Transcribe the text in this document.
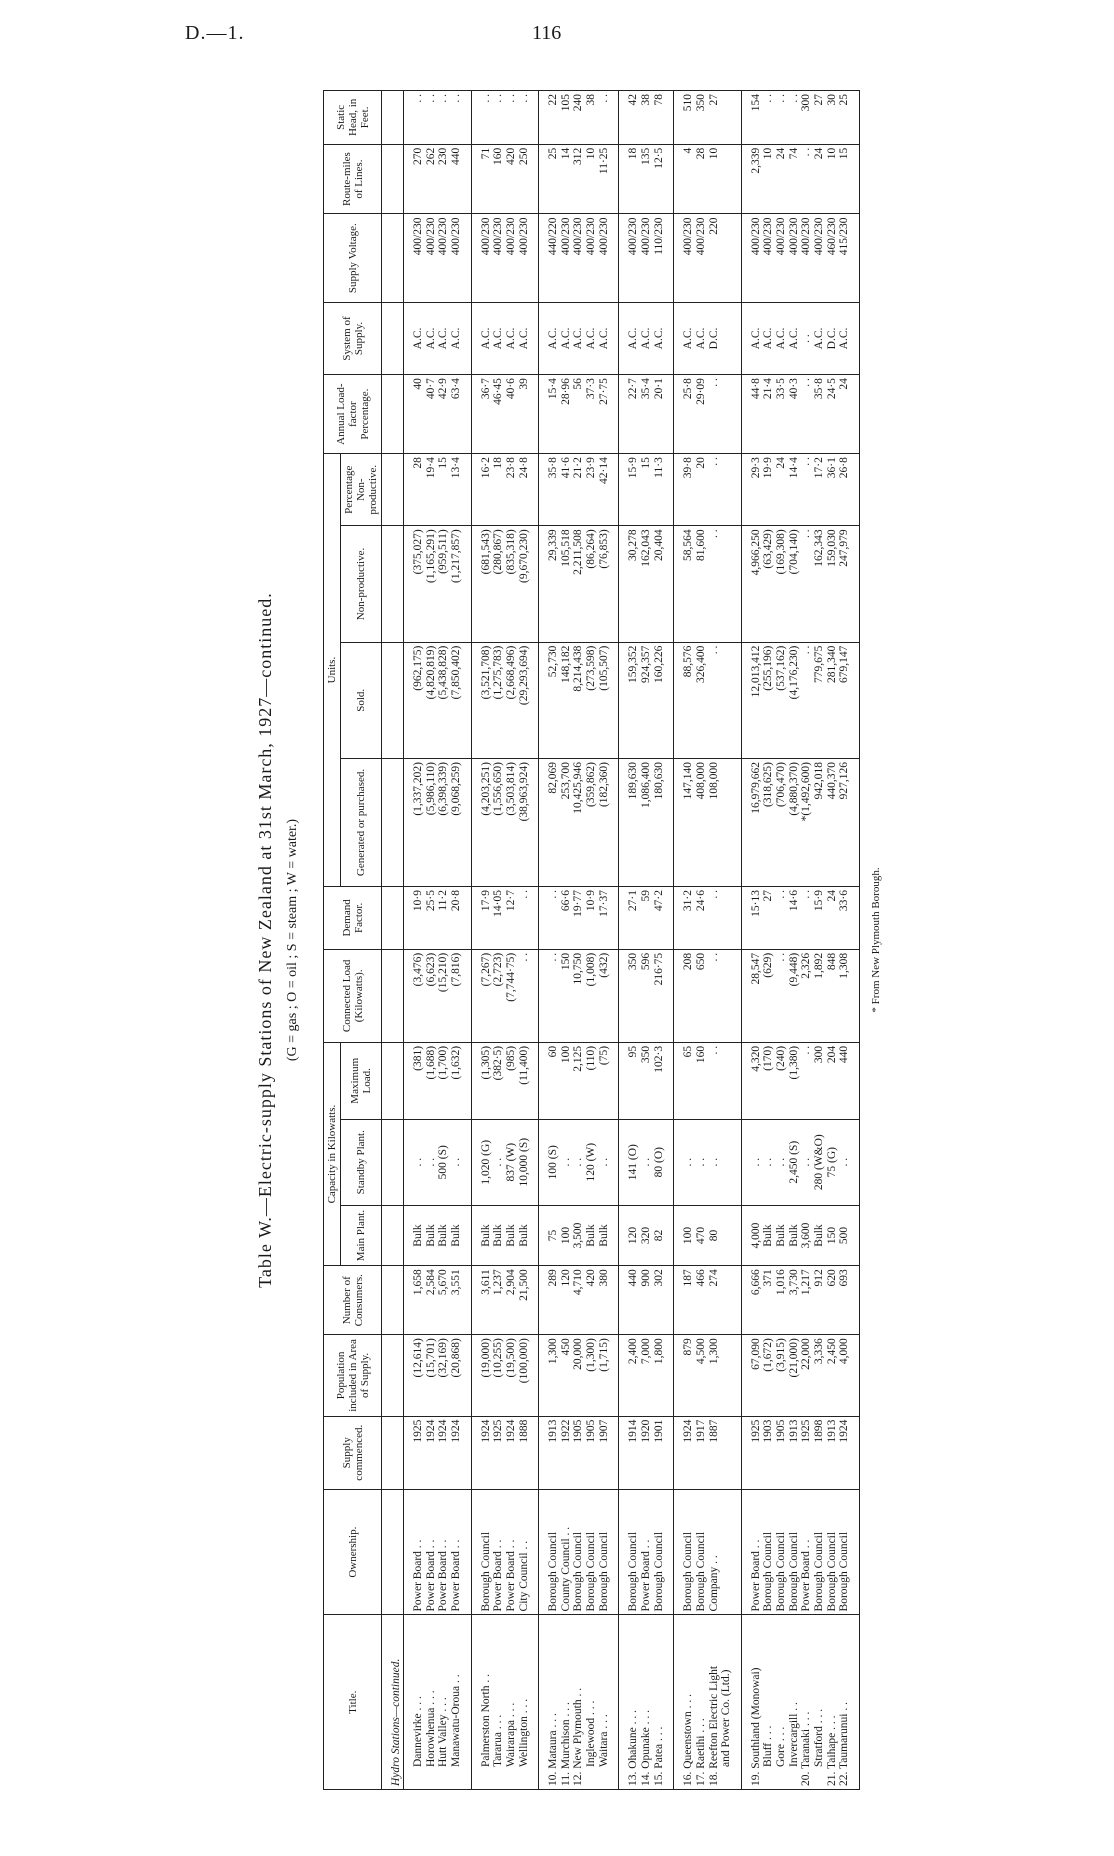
D.—1.	116
Table W.—Electric-supply Stations of New Zealand at 31st March, 1927—continued. (G = gas ; O = oil ; S = steam ; W = water.)
Title.	Ownership.	Supply commenced.	Population included in Area of Supply.	Number of Consumers.	Capacity in Kilowatts.			Connected Load (Kilowatts).	Demand Factor.	Units.				Annual Load-factor Percentage.	System of Supply.	Supply Voltage.	Route-miles of Lines.	Static Head, in Feet.
					Main Plant.	Standby Plant.	Maximum Load.			Generated or purchased.	Sold.	Non-productive.	Percentage Non-productive.					

Hydro Stations—continued.																		
Dannevirke . . .	Power Board . .	1925	(12,614)	1,658	Bulk	. .	(381)	(3,476)	10·9	(1,337,202)	(962,175)	(375,027)	28	40	A.C.	400/230	270	. .
Horowhenua . . .	Power Board . .	1924	(15,701)	2,584	Bulk	. .	(1,688)	(6,623)	25·5	(5,986,110)	(4,820,819)	(1,165,291)	19·4	40·7	A.C.	400/230	262	. .
Hutt Valley . . .	Power Board . .	1924	(32,169)	5,670	Bulk	500 (S)	(1,700)	(15,210)	11·2	(6,398,339)	(5,438,828)	(959,511)	15	42·9	A.C.	400/230	230	. .
Manawatu-Oroua . .	Power Board . .	1924	(20,868)	3,551	Bulk	. .	(1,632)	(7,816)	20·8	(9,068,259)	(7,850,402)	(1,217,857)	13·4	63·4	A.C.	400/230	440	. .
Palmerston North . .	Borough Council	1924	(19,000)	3,611	Bulk	1,020 (G)	(1,305)	(7,267)	17·9	(4,203,251)	(3,521,708)	(681,543)	16·2	36·7	A.C.	400/230	71	. .
Tararua . . .	Power Board . .	1925	(10,255)	1,237	Bulk	. .	(382·5)	(2,723)	14·05	(1,556,650)	(1,275,783)	(280,867)	18	46·45	A.C.	400/230	160	. .
Wairarapa . . .	Power Board . .	1924	(19,500)	2,904	Bulk	837 (W)	(985)	(7,744·75)	12·7	(3,503,814)	(2,668,496)	(835,318)	23·8	40·6	A.C.	400/230	420	. .
Wellington . . .	City Council . .	1888	(100,000)	21,500	Bulk	10,000 (S)	(11,400)	. .	. .	(38,963,924)	(29,293,694)	(9,670,230)	24·8	39	A.C.	400/230	250	. .
10. Mataura . . .	Borough Council	1913	1,300	289	75	100 (S)	60	. .	. .	82,069	52,730	29,339	35·8	15·4	A.C.	440/220	25	22
11. Murchison . . .	County Council . .	1922	450	120	100	. .	100	150	66·6	253,700	148,182	105,518	41·6	28·96	A.C.	400/230	14	105
12. New Plymouth . .	Borough Council	1905	20,000	4,710	3,500	. .	2,125	10,750	19·77	10,425,946	8,214,438	2,211,508	21·2	56	A.C.	400/230	312	240
Inglewood . . .	Borough Council	1905	(1,300)	420	Bulk	120 (W)	(110)	(1,008)	10·9	(359,862)	(273,598)	(86,264)	23·9	37·3	A.C.	400/230	10	38
Waitara . . .	Borough Council	1907	(1,715)	380	Bulk	. .	(75)	(432)	17·37	(182,360)	(105,507)	(76,853)	42·14	27·75	A.C.	400/230	11·25	. .
13. Ohakune . . .	Borough Council	1914	2,400	440	120	141 (O)	95	350	27·1	189,630	159,352	30,278	15·9	22·7	A.C.	400/230	18	42
14. Opunake . . .	Power Board . .	1920	7,000	900	320	. .	350	596	59	1,086,400	924,357	162,043	15	35·4	A.C.	400/230	135	38
15. Patea . . .	Borough Council	1901	1,800	302	82	80 (O)	102·3	216·75	47·2	180,630	160,226	20,404	11·3	20·1	A.C.	110/230	12·5	78
16. Queenstown . . .	Borough Council	1924	879	187	100	. .	65	208	31·2	147,140	88,576	58,564	39·8	25·8	A.C.	400/230	4	510
17. Raetihi . . .	Borough Council	1917	4,500	466	470	. .	160	650	24·6	408,000	326,400	81,600	20	29·09	A.C.	400/230	28	350
18. Reefton Electric Light	Company . .	1887	1,300	274	80	. .	. .	. .	. .	108,000	. .	. .	. .	. .	D.C.	220	10	27
and Power Co. (Ltd.)																		
19. Southland (Monowai)	Power Board . .	1925	67,090	6,666	4,000	. .	4,320	28,547	15·13	16,979,662	12,013,412	4,966,250	29·3	44·8	A.C.	400/230	2,339	154
Bluff . . .	Borough Council	1903	(1,672)	371	Bulk	. .	(170)	(629)	27	(318,625)	(255,196)	(63,429)	19·9	21·4	A.C.	400/230	10	. .
Gore . . .	Borough Council	1905	(3,915)	1,016	Bulk	. .	(240)	. .	. .	(706,470)	(537,162)	(169,308)	24	33·5	A.C.	400/230	24	. .
Invercargill . .	Borough Council	1913	(21,000)	3,730	Bulk	2,450 (S)	(1,380)	(9,448)	14·6	(4,880,370)	(4,176,230)	(704,140)	14·4	40·3	A.C.	400/230	74	. .
20. Taranaki . . .	Power Board . .	1925	22,000	1,217	3,600	. .	. .	2,326	. .	*(1,492,600)	. .	. .	. .	. .	. .	400/230	. .	300
Stratford . . .	Borough Council	1898	3,336	912	Bulk	280 (W&O)	300	1,892	15·9	942,018	779,675	162,343	17·2	35·8	A.C.	400/230	24	27
21. Taihape . . .	Borough Council	1913	2,450	620	150	75 (G)	204	848	24	440,370	281,340	159,030	36·1	24·5	D.C.	460/230	10	30
22. Taumarunui . .	Borough Council	1924	4,000	693	500	. .	440	1,308	33·6	927,126	679,147	247,979	26·8	24	A.C.	415/230	15	25
* From New Plymouth Borough.
